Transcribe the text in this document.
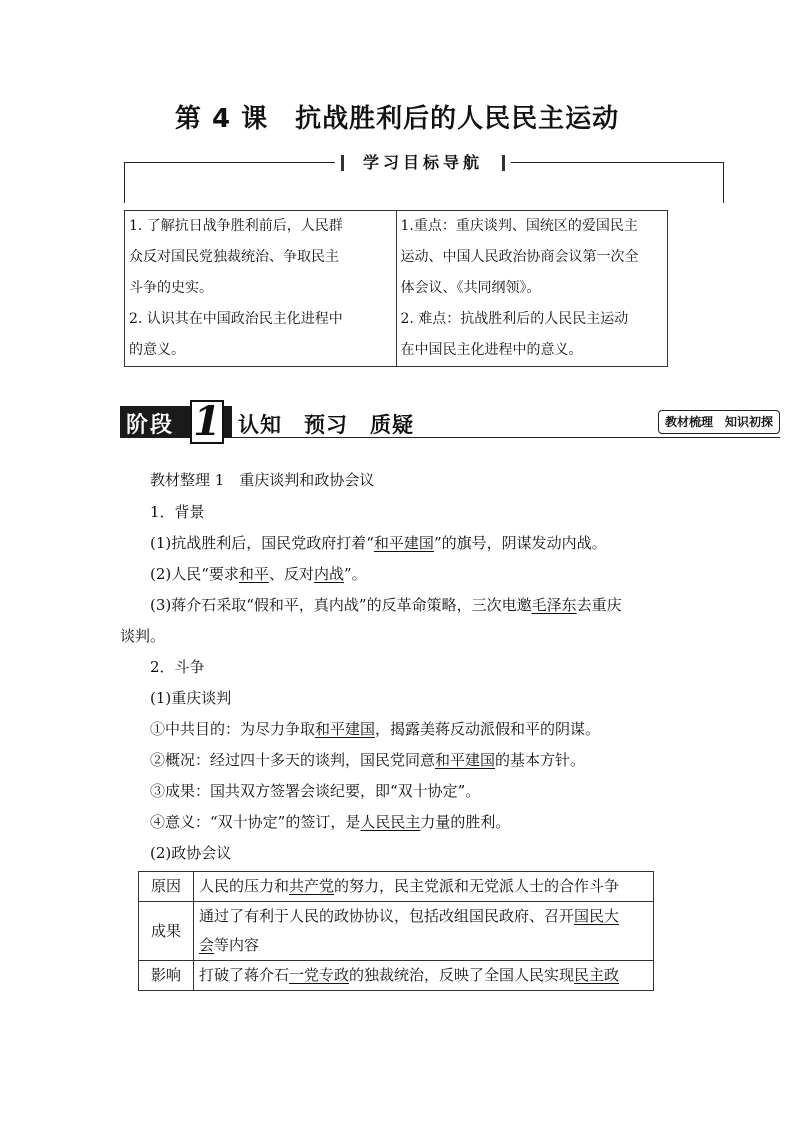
第 4 课　抗战胜利后的人民民主运动
学习目标导航
1. 了解抗日战争胜利前后，人民群
众反对国民党独裁统治、争取民主
斗争的史实。
2. 认识其在中国政治民主化进程中
的意义。

1.重点：重庆谈判、国统区的爱国民主
运动、中国人民政治协商会议第一次全
体会议、《共同纲领》。
2. 难点：抗战胜利后的人民民主运动
在中国民主化进程中的意义。
阶段 1 认知　预习　质疑	教材梳理　知识初探
教材整理 1　重庆谈判和政协会议
1．背景
(1)抗战胜利后，国民党政府打着“和平建国”的旗号，阴谋发动内战。
(2)人民“要求和平、反对内战”。
(3)蒋介石采取“假和平，真内战”的反革命策略，三次电邀毛泽东去重庆
谈判。
2．斗争
(1)重庆谈判
①中共目的：为尽力争取和平建国，揭露美蒋反动派假和平的阴谋。
②概况：经过四十多天的谈判，国民党同意和平建国的基本方针。
③成果：国共双方签署会谈纪要，即“双十协定”。
④意义：“双十协定”的签订，是人民民主力量的胜利。
(2)政协会议
原因	人民的压力和共产党的努力，民主党派和无党派人士的合作斗争
成果	通过了有利于人民的政协协议，包括改组国民政府、召开国民大
会等内容

影响	打破了蒋介石一党专政的独裁统治，反映了全国人民实现民主政
